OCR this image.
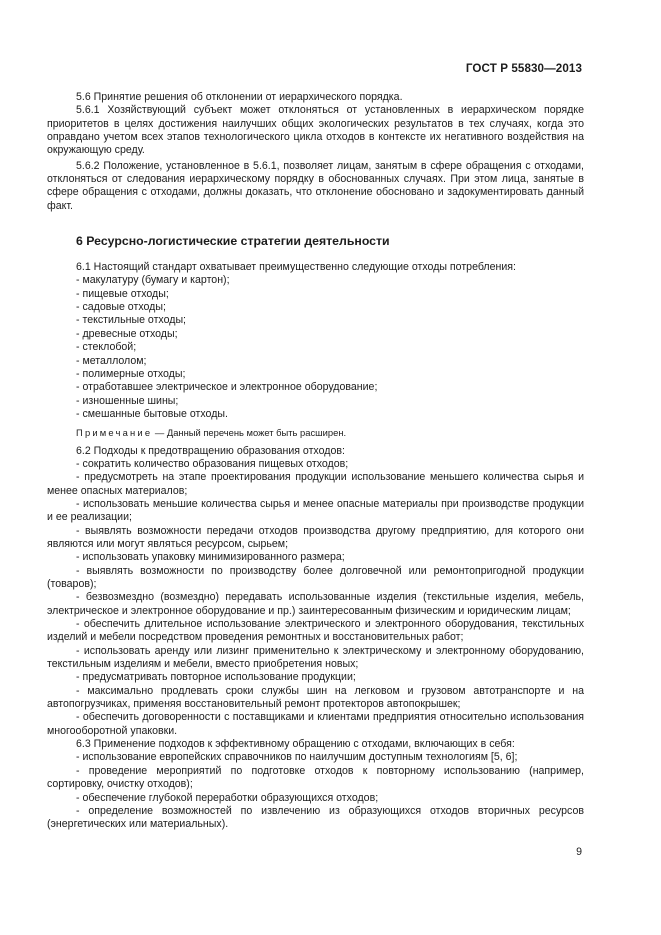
ГОСТ Р 55830—2013

5.6 Принятие решения об отклонении от иерархического порядка.

5.6.1 Хозяйствующий субъект может отклоняться от установленных в иерархическом порядке приоритетов в целях достижения наилучших общих экологических результатов в тех случаях, когда это оправдано учетом всех этапов технологического цикла отходов в контексте их негативного воздействия на окружающую среду.

5.6.2 Положение, установленное в 5.6.1, позволяет лицам, занятым в сфере обращения с отходами, отклоняться от следования иерархическому порядку в обоснованных случаях. При этом лица, занятые в сфере обращения с отходами, должны доказать, что отклонение обосновано и задокументировать данный факт.

6 Ресурсно-логистические стратегии деятельности

6.1 Настоящий стандарт охватывает преимущественно следующие отходы потребления:

- макулатуру (бумагу и картон);

- пищевые отходы;

- садовые отходы;

- текстильные отходы;

- древесные отходы;

- стеклобой;

- металлолом;

- полимерные отходы;

- отработавшее электрическое и электронное оборудование;

- изношенные шины;

- смешанные бытовые отходы.

Примечание — Данный перечень может быть расширен.

6.2 Подходы к предотвращению образования отходов:

- сократить количество образования пищевых отходов;

- предусмотреть на этапе проектирования продукции использование меньшего количества сырья и менее опасных материалов;

- использовать меньшие количества сырья и менее опасные материалы при производстве продукции и ее реализации;

- выявлять возможности передачи отходов производства другому предприятию, для которого они являются или могут являться ресурсом, сырьем;

- использовать упаковку минимизированного размера;

- выявлять возможности по производству более долговечной или ремонтопригодной продукции (товаров);

- безвозмездно (возмездно) передавать использованные изделия (текстильные изделия, мебель, электрическое и электронное оборудование и пр.) заинтересованным физическим и юридическим лицам;

- обеспечить длительное использование электрического и электронного оборудования, текстильных изделий и мебели посредством проведения ремонтных и восстановительных работ;

- использовать аренду или лизинг применительно к электрическому и электронному оборудованию, текстильным изделиям и мебели, вместо приобретения новых;

- предусматривать повторное использование продукции;

- максимально продлевать сроки службы шин на легковом и грузовом автотранспорте и на автопогрузчиках, применяя восстановительный ремонт протекторов автопокрышек;

- обеспечить договоренности с поставщиками и клиентами предприятия относительно использования многооборотной упаковки.

6.3 Применение подходов к эффективному обращению с отходами, включающих в себя:

- использование европейских справочников по наилучшим доступным технологиям [5, 6];

- проведение мероприятий по подготовке отходов к повторному использованию (например, сортировку, очистку отходов);

- обеспечение глубокой переработки образующихся отходов;

- определение возможностей по извлечению из образующихся отходов вторичных ресурсов (энергетических или материальных).

9
